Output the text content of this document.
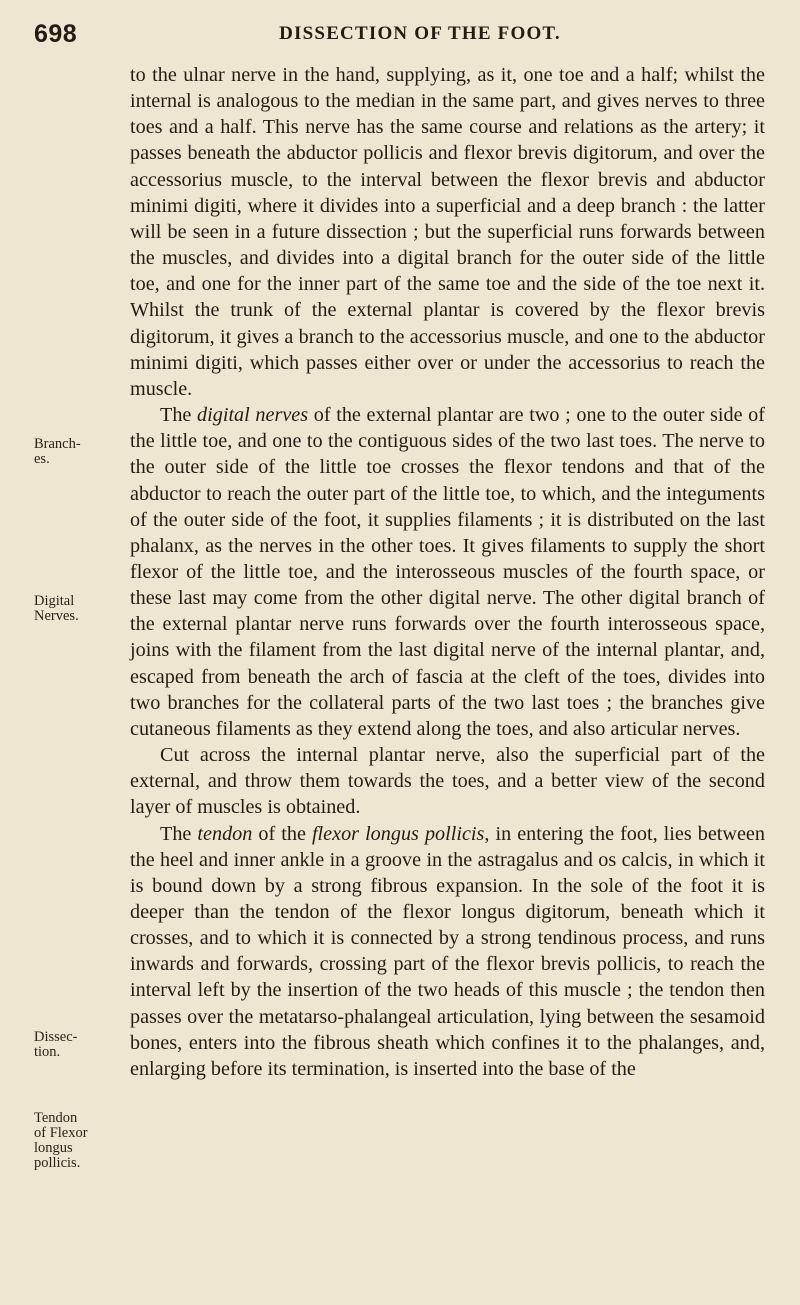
698	DISSECTION OF THE FOOT.
Branch-
es.
Digital
Nerves.
Dissec-
tion.
Tendon
of Flexor
longus
pollicis.

to the ulnar nerve in the hand, supplying, as it, one toe and a half; whilst the internal is analogous to the median in the same part, and gives nerves to three toes and a half. This nerve has the same course and relations as the artery; it passes beneath the abductor pollicis and flexor brevis digitorum, and over the accessorius muscle, to the interval between the flexor brevis and abductor minimi digiti, where it divides into a superficial and a deep branch : the latter will be seen in a future dissection ; but the superficial runs forwards between the muscles, and divides into a digital branch for the outer side of the little toe, and one for the inner part of the same toe and the side of the toe next it. Whilst the trunk of the external plantar is covered by the flexor brevis digitorum, it gives a branch to the accessorius muscle, and one to the abductor minimi digiti, which passes either over or under the accessorius to reach the muscle.

The digital nerves of the external plantar are two ; one to the outer side of the little toe, and one to the contiguous sides of the two last toes. The nerve to the outer side of the little toe crosses the flexor tendons and that of the abductor to reach the outer part of the little toe, to which, and the integuments of the outer side of the foot, it supplies filaments ; it is distributed on the last phalanx, as the nerves in the other toes. It gives filaments to supply the short flexor of the little toe, and the interosseous muscles of the fourth space, or these last may come from the other digital nerve. The other digital branch of the external plantar nerve runs forwards over the fourth interosseous space, joins with the filament from the last digital nerve of the internal plantar, and, escaped from beneath the arch of fascia at the cleft of the toes, divides into two branches for the collateral parts of the two last toes ; the branches give cutaneous filaments as they extend along the toes, and also articular nerves.

Cut across the internal plantar nerve, also the superficial part of the external, and throw them towards the toes, and a better view of the second layer of muscles is obtained.

The tendon of the flexor longus pollicis, in entering the foot, lies between the heel and inner ankle in a groove in the astragalus and os calcis, in which it is bound down by a strong fibrous expansion. In the sole of the foot it is deeper than the tendon of the flexor longus digitorum, beneath which it crosses, and to which it is connected by a strong tendinous process, and runs inwards and forwards, crossing part of the flexor brevis pollicis, to reach the interval left by the insertion of the two heads of this muscle ; the tendon then passes over the metatarso-phalangeal articulation, lying between the sesamoid bones, enters into the fibrous sheath which confines it to the phalanges, and, enlarging before its termination, is inserted into the base of the
